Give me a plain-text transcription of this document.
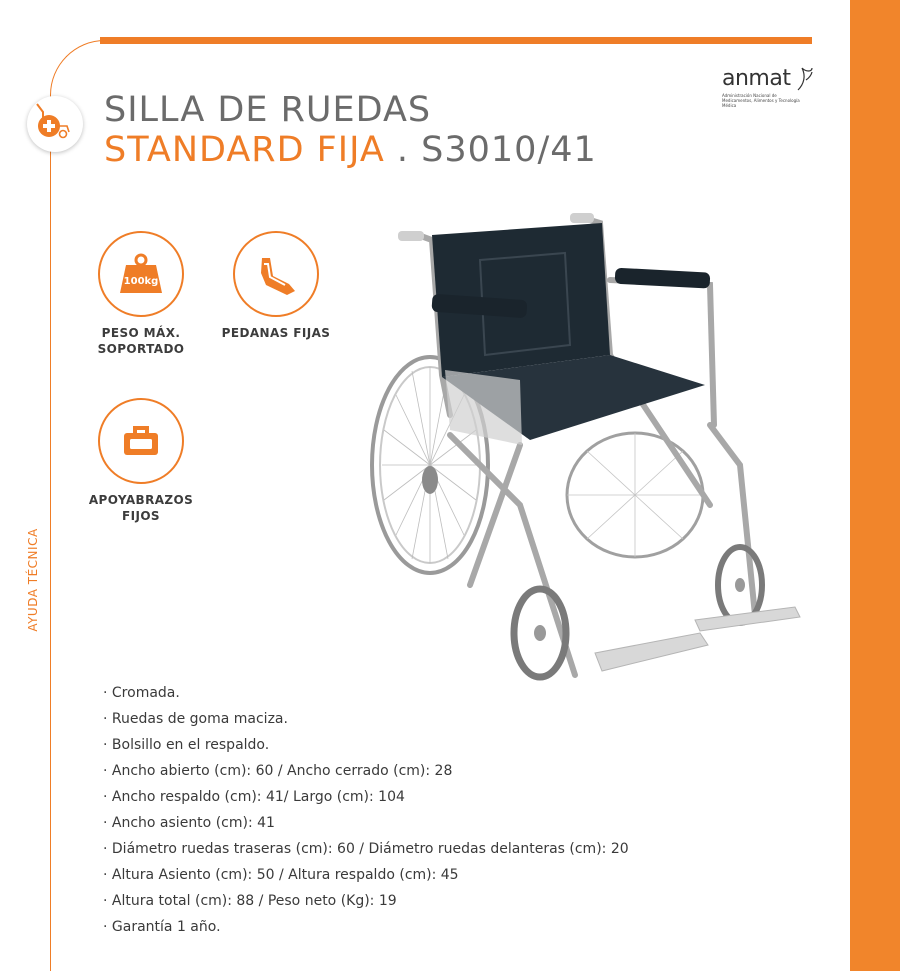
AYUDA TÉCNICA
SILLA DE RUEDAS
STANDARD FIJA . S3010/41
anmat
Administración Nacional de Medicamentos, Alimentos y Tecnología Médica
100kg
PESO MÁX.
SOPORTADO
PEDANAS FIJAS
APOYABRAZOS
FIJOS
· Cromada.
· Ruedas de goma maciza.
· Bolsillo en el respaldo.
· Ancho abierto (cm): 60 / Ancho cerrado (cm): 28
· Ancho respaldo (cm): 41/ Largo (cm): 104
· Ancho asiento (cm): 41
· Diámetro ruedas traseras (cm): 60 / Diámetro ruedas delanteras (cm): 20
· Altura Asiento (cm): 50 / Altura respaldo (cm): 45
· Altura total (cm): 88 / Peso neto (Kg): 19
· Garantía 1 año.
